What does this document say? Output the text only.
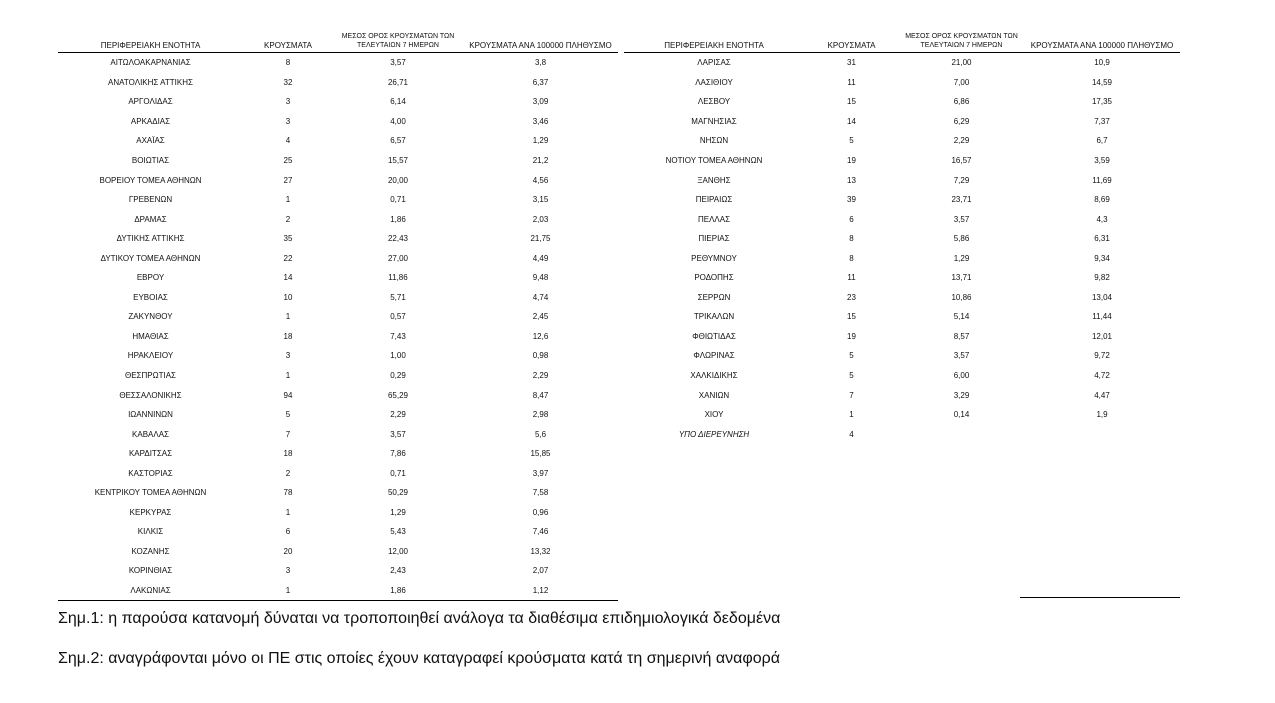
ΠΕΡΙΦΕΡΕΙΑΚΗ ΕΝΟΤΗΤΑ	ΚΡΟΥΣΜΑΤΑ	ΜΕΣΟΣ ΟΡΟΣ ΚΡΟΥΣΜΑΤΩΝ ΤΩΝ
ΤΕΛΕΥΤΑΙΩΝ 7 ΗΜΕΡΩΝ	ΚΡΟΥΣΜΑΤΑ ΑΝΑ 100000 ΠΛΗΘΥΣΜΟ
ΑΙΤΩΛΟΑΚΑΡΝΑΝΙΑΣ	8	3,57	3,8
ΑΝΑΤΟΛΙΚΗΣ ΑΤΤΙΚΗΣ	32	26,71	6,37
ΑΡΓΟΛΙΔΑΣ	3	6,14	3,09
ΑΡΚΑΔΙΑΣ	3	4,00	3,46
ΑΧΑΪΑΣ	4	6,57	1,29
ΒΟΙΩΤΙΑΣ	25	15,57	21,2
ΒΟΡΕΙΟΥ ΤΟΜΕΑ ΑΘΗΝΩΝ	27	20,00	4,56
ΓΡΕΒΕΝΩΝ	1	0,71	3,15
ΔΡΑΜΑΣ	2	1,86	2,03
ΔΥΤΙΚΗΣ ΑΤΤΙΚΗΣ	35	22,43	21,75
ΔΥΤΙΚΟΥ ΤΟΜΕΑ ΑΘΗΝΩΝ	22	27,00	4,49
ΕΒΡΟΥ	14	11,86	9,48
ΕΥΒΟΙΑΣ	10	5,71	4,74
ΖΑΚΥΝΘΟΥ	1	0,57	2,45
ΗΜΑΘΙΑΣ	18	7,43	12,6
ΗΡΑΚΛΕΙΟΥ	3	1,00	0,98
ΘΕΣΠΡΩΤΙΑΣ	1	0,29	2,29
ΘΕΣΣΑΛΟΝΙΚΗΣ	94	65,29	8,47
ΙΩΑΝΝΙΝΩΝ	5	2,29	2,98
ΚΑΒΑΛΑΣ	7	3,57	5,6
ΚΑΡΔΙΤΣΑΣ	18	7,86	15,85
ΚΑΣΤΟΡΙΑΣ	2	0,71	3,97
ΚΕΝΤΡΙΚΟΥ ΤΟΜΕΑ ΑΘΗΝΩΝ	78	50,29	7,58
ΚΕΡΚΥΡΑΣ	1	1,29	0,96
ΚΙΛΚΙΣ	6	5,43	7,46
ΚΟΖΑΝΗΣ	20	12,00	13,32
ΚΟΡΙΝΘΙΑΣ	3	2,43	2,07
ΛΑΚΩΝΙΑΣ	1	1,86	1,12
ΠΕΡΙΦΕΡΕΙΑΚΗ ΕΝΟΤΗΤΑ	ΚΡΟΥΣΜΑΤΑ	ΜΕΣΟΣ ΟΡΟΣ ΚΡΟΥΣΜΑΤΩΝ ΤΩΝ
ΤΕΛΕΥΤΑΙΩΝ 7 ΗΜΕΡΩΝ	ΚΡΟΥΣΜΑΤΑ ΑΝΑ 100000 ΠΛΗΘΥΣΜΟ
ΛΑΡΙΣΑΣ	31	21,00	10,9
ΛΑΣΙΘΙΟΥ	11	7,00	14,59
ΛΕΣΒΟΥ	15	6,86	17,35
ΜΑΓΝΗΣΙΑΣ	14	6,29	7,37
ΝΗΣΩΝ	5	2,29	6,7
ΝΟΤΙΟΥ ΤΟΜΕΑ ΑΘΗΝΩΝ	19	16,57	3,59
ΞΑΝΘΗΣ	13	7,29	11,69
ΠΕΙΡΑΙΩΣ	39	23,71	8,69
ΠΕΛΛΑΣ	6	3,57	4,3
ΠΙΕΡΙΑΣ	8	5,86	6,31
ΡΕΘΥΜΝΟΥ	8	1,29	9,34
ΡΟΔΟΠΗΣ	11	13,71	9,82
ΣΕΡΡΩΝ	23	10,86	13,04
ΤΡΙΚΑΛΩΝ	15	5,14	11,44
ΦΘΙΩΤΙΔΑΣ	19	8,57	12,01
ΦΛΩΡΙΝΑΣ	5	3,57	9,72
ΧΑΛΚΙΔΙΚΗΣ	5	6,00	4,72
ΧΑΝΙΩΝ	7	3,29	4,47
ΧΙΟΥ	1	0,14	1,9
ΥΠΟ ΔΙΕΡΕΥΝΗΣΗ	4		
Σημ.1: η παρούσα κατανομή δύναται να τροποποιηθεί ανάλογα τα διαθέσιμα επιδημιολογικά δεδομένα
Σημ.2: αναγράφονται μόνο οι ΠΕ στις οποίες έχουν καταγραφεί κρούσματα κατά τη σημερινή αναφορά
